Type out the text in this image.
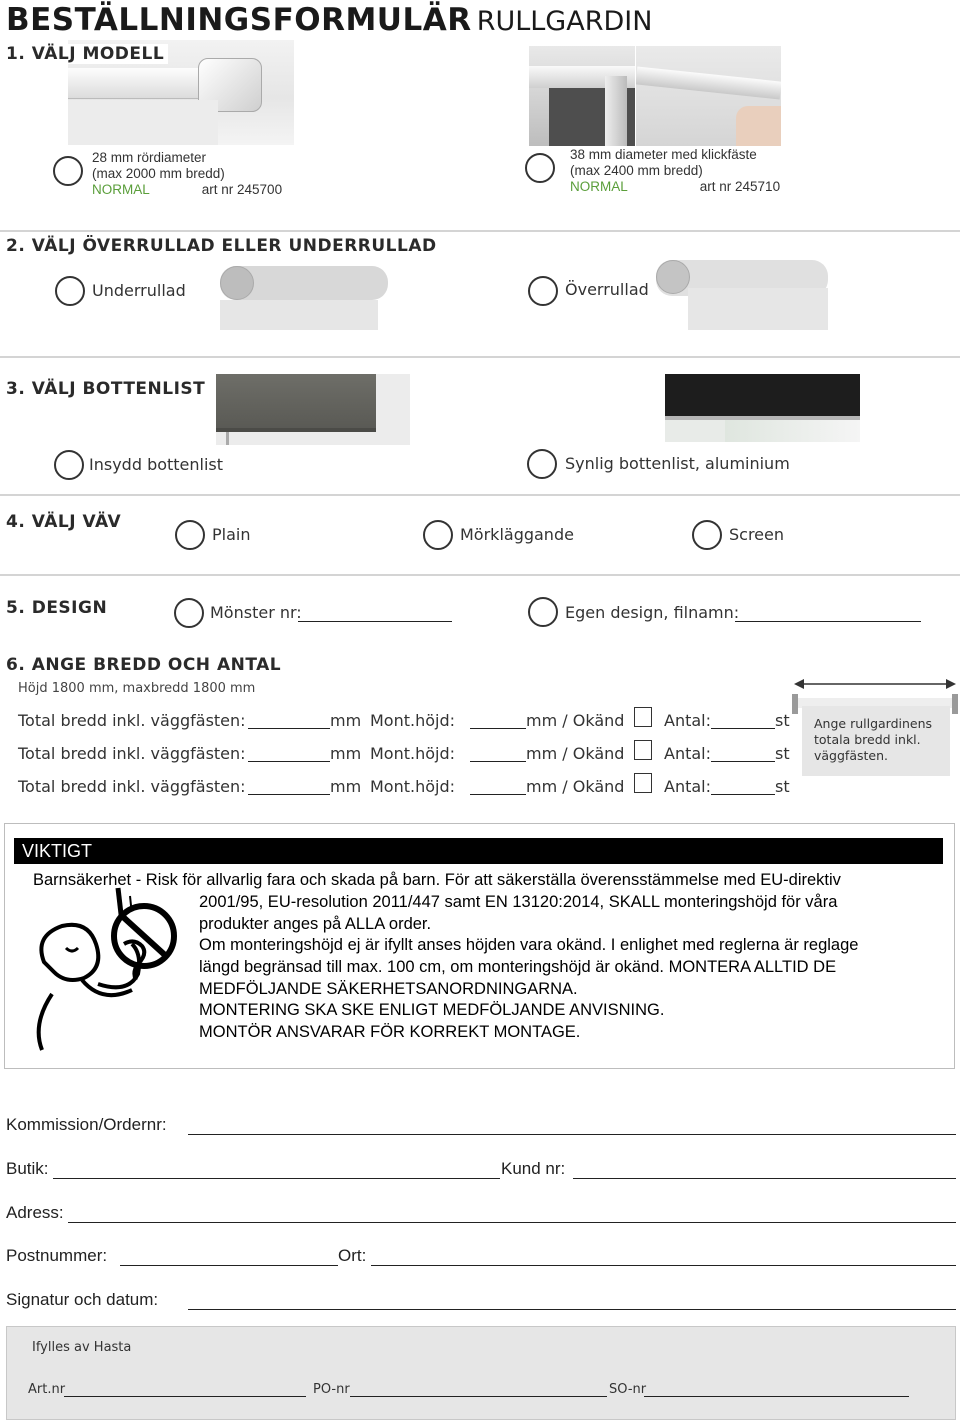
BESTÄLLNINGSFORMULÄR RULLGARDIN
1. VÄLJ MODELL
28 mm rördiameter
(max 2000 mm bredd)
NORMAL	art nr 245700
38 mm diameter med klickfäste
(max 2400 mm bredd)
NORMAL	art nr 245710
2. VÄLJ ÖVERRULLAD ELLER UNDERRULLAD
Underrullad	Överrullad
3. VÄLJ BOTTENLIST
Insydd bottenlist	Synlig bottenlist, aluminium
4. VÄLJ VÄV
Plain	Mörkläggande	Screen
5. DESIGN	Mönster nr:	Egen design, filnamn:
6. ANGE BREDD OCH ANTAL
Höjd 1800 mm, maxbredd 1800 mm
Total bredd inkl. väggfästen:	mm Mont.höjd:	mm / Okänd Antal:	st
Total bredd inkl. väggfästen:	mm Mont.höjd:	mm / Okänd Antal:	st
Total bredd inkl. väggfästen:	mm Mont.höjd:	mm / Okänd Antal:	st
Ange rullgardinens totala bredd inkl. väggfästen.
VIKTIGT
Barnsäkerhet - Risk för allvarlig fara och skada på barn. För att säkerställa överensstämmelse med EU-direktiv
2001/95, EU-resolution 2011/447 samt EN 13120:2014, SKALL monteringshöjd för våra
produkter anges på ALLA order.
Om monteringshöjd ej är ifyllt anses höjden vara okänd. I enlighet med reglerna är reglage
längd begränsad till max. 100 cm, om monteringshöjd är okänd. MONTERA ALLTID DE
MEDFÖLJANDE SÄKERHETSANORDNINGARNA.
MONTERING SKA SKE ENLIGT MEDFÖLJANDE ANVISNING.
MONTÖR ANSVARAR FÖR KORREKT MONTAGE.
Kommission/Ordernr:
Butik:	Kund nr:
Adress:
Postnummer:	Ort:
Signatur och datum:
Ifylles av Hasta
Art.nr	PO-nr	SO-nr
